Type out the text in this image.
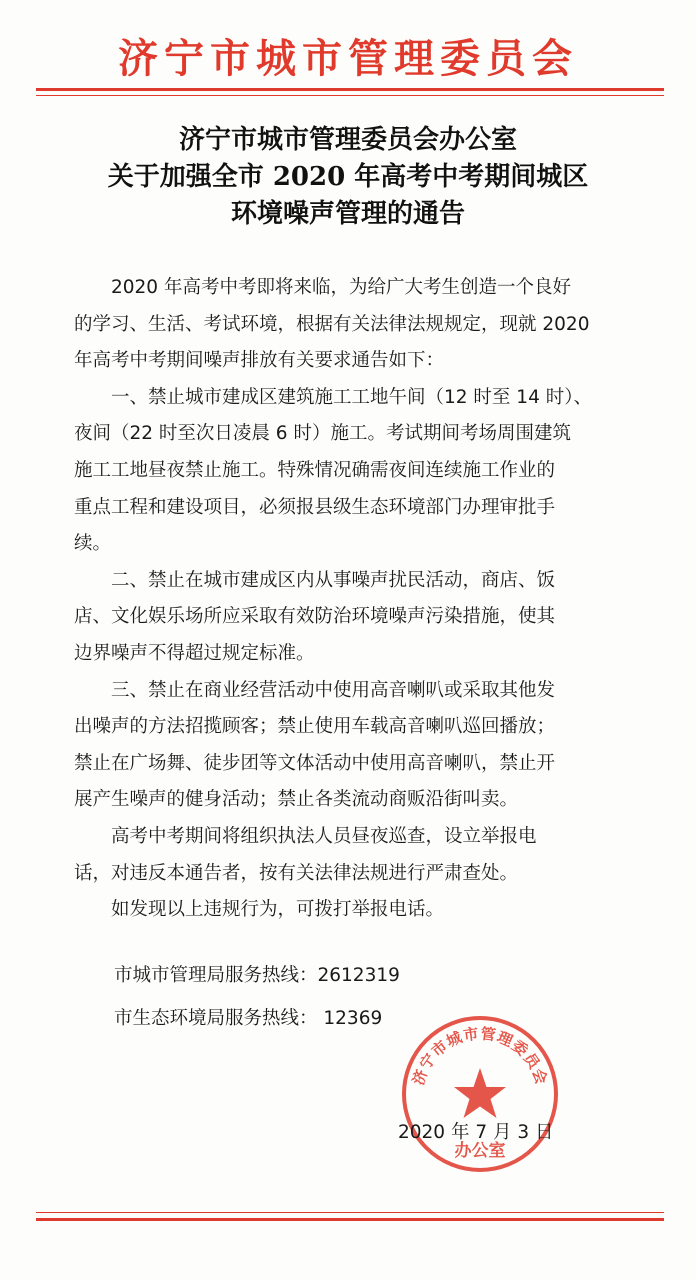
济宁市城市管理委员会
济宁市城市管理委员会办公室
关于加强全市 2020 年高考中考期间城区
环境噪声管理的通告
2020 年高考中考即将来临，为给广大考生创造一个良好
的学习、生活、考试环境，根据有关法律法规规定，现就 2020
年高考中考期间噪声排放有关要求通告如下：
一、禁止城市建成区建筑施工工地午间（12 时至 14 时）、
夜间（22 时至次日凌晨 6 时）施工。考试期间考场周围建筑
施工工地昼夜禁止施工。特殊情况确需夜间连续施工作业的
重点工程和建设项目，必须报县级生态环境部门办理审批手
续。
二、禁止在城市建成区内从事噪声扰民活动，商店、饭
店、文化娱乐场所应采取有效防治环境噪声污染措施，使其
边界噪声不得超过规定标准。
三、禁止在商业经营活动中使用高音喇叭或采取其他发
出噪声的方法招揽顾客；禁止使用车载高音喇叭巡回播放；
禁止在广场舞、徒步团等文体活动中使用高音喇叭，禁止开
展产生噪声的健身活动；禁止各类流动商贩沿街叫卖。
高考中考期间将组织执法人员昼夜巡查，设立举报电
话，对违反本通告者，按有关法律法规进行严肃查处。
如发现以上违规行为，可拨打举报电话。
市城市管理局服务热线：2612319
市生态环境局服务热线： 12369
济宁市城市管理委员会
办公室
2020 年 7 月 3 日
